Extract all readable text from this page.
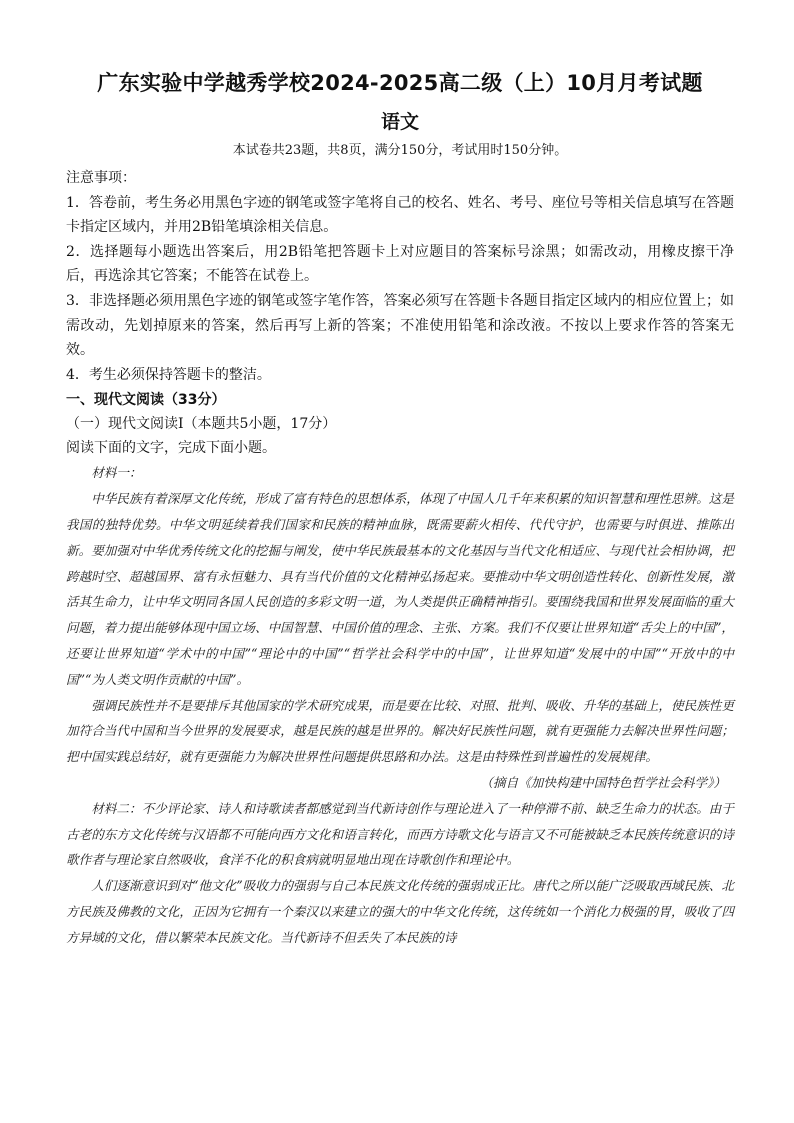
广东实验中学越秀学校2024-2025高二级（上）10月月考试题
语文

本试卷共23题，共8页，满分150分，考试用时150分钟。

注意事项：

1．答卷前，考生务必用黑色字迹的钢笔或签字笔将自己的校名、姓名、考号、座位号等相关信息填写在答题卡指定区域内，并用2B铅笔填涂相关信息。

2．选择题每小题选出答案后，用2B铅笔把答题卡上对应题目的答案标号涂黑；如需改动，用橡皮擦干净后，再选涂其它答案；不能答在试卷上。

3．非选择题必须用黑色字迹的钢笔或签字笔作答，答案必须写在答题卡各题目指定区域内的相应位置上；如需改动，先划掉原来的答案，然后再写上新的答案；不准使用铅笔和涂改液。不按以上要求作答的答案无效。

4．考生必须保持答题卡的整洁。

一、现代文阅读（33分）

（一）现代文阅读Ⅰ（本题共5小题，17分）

阅读下面的文字，完成下面小题。

材料一：

中华民族有着深厚文化传统，形成了富有特色的思想体系，体现了中国人几千年来积累的知识智慧和理性思辨。这是我国的独特优势。中华文明延续着我们国家和民族的精神血脉，既需要薪火相传、代代守护，也需要与时俱进、推陈出新。要加强对中华优秀传统文化的挖掘与阐发，使中华民族最基本的文化基因与当代文化相适应、与现代社会相协调，把跨越时空、超越国界、富有永恒魅力、具有当代价值的文化精神弘扬起来。要推动中华文明创造性转化、创新性发展，激活其生命力，让中华文明同各国人民创造的多彩文明一道，为人类提供正确精神指引。要围绕我国和世界发展面临的重大问题，着力提出能够体现中国立场、中国智慧、中国价值的理念、主张、方案。我们不仅要让世界知道“舌尖上的中国”，还要让世界知道“学术中的中国”“理论中的中国”“哲学社会科学中的中国”，让世界知道“发展中的中国”“开放中的中国”“为人类文明作贡献的中国”。

强调民族性并不是要排斥其他国家的学术研究成果，而是要在比较、对照、批判、吸收、升华的基础上，使民族性更加符合当代中国和当今世界的发展要求，越是民族的越是世界的。解决好民族性问题，就有更强能力去解决世界性问题；把中国实践总结好，就有更强能力为解决世界性问题提供思路和办法。这是由特殊性到普遍性的发展规律。

（摘自《加快构建中国特色哲学社会科学》）

材料二：不少评论家、诗人和诗歌读者都感觉到当代新诗创作与理论进入了一种停滞不前、缺乏生命力的状态。由于古老的东方文化传统与汉语都不可能向西方文化和语言转化，而西方诗歌文化与语言又不可能被缺乏本民族传统意识的诗歌作者与理论家自然吸收，食洋不化的积食病就明显地出现在诗歌创作和理论中。

人们逐渐意识到对“他文化”吸收力的强弱与自己本民族文化传统的强弱成正比。唐代之所以能广泛吸取西域民族、北方民族及佛教的文化，正因为它拥有一个秦汉以来建立的强大的中华文化传统，这传统如一个消化力极强的胃，吸收了四方异域的文化，借以繁荣本民族文化。当代新诗不但丢失了本民族的诗
